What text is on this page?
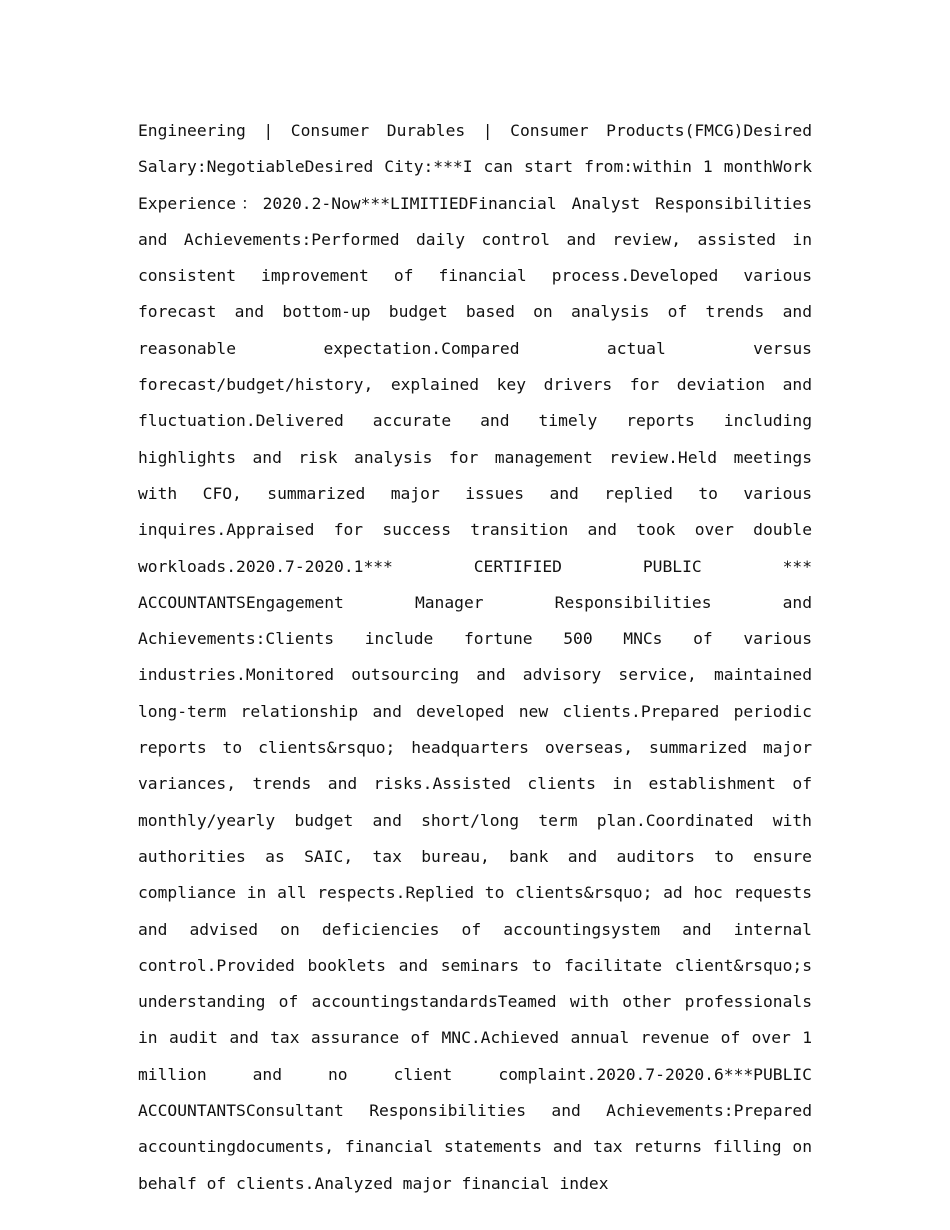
Engineering | Consumer Durables | Consumer Products(FMCG)Desired Salary:NegotiableDesired City:***I can start from:within 1 monthWork Experience：2020.2-Now***LIMITIEDFinancial Analyst Responsibilities and Achievements:Performed daily control and review, assisted in consistent improvement of financial process.Developed various forecast and bottom-up budget based on analysis of trends and reasonable expectation.Compared actual versus forecast/budget/history, explained key drivers for deviation and fluctuation.Delivered accurate and timely reports including highlights and risk analysis for management review.Held meetings with CFO, summarized major issues and replied to various inquires.Appraised for success transition and took over double workloads.2020.7-2020.1*** CERTIFIED PUBLIC *** ACCOUNTANTSEngagement Manager Responsibilities and Achievements:Clients include fortune 500 MNCs of various industries.Monitored outsourcing and advisory service, maintained long-term relationship and developed new clients.Prepared periodic reports to clients&rsquo; headquarters overseas, summarized major variances, trends and risks.Assisted clients in establishment of monthly/yearly budget and short/long term plan.Coordinated with authorities as SAIC, tax bureau, bank and auditors to ensure compliance in all respects.Replied to clients&rsquo; ad hoc requests and advised on deficiencies of accountingsystem and internal control.Provided booklets and seminars to facilitate client&rsquo;s understanding of accountingstandardsTeamed with other professionals in audit and tax assurance of MNC.Achieved annual revenue of over 1 million and no client complaint.2020.7-2020.6***PUBLIC ACCOUNTANTSConsultant Responsibilities and Achievements:Prepared accountingdocuments, financial statements and tax returns filling on behalf of clients.Analyzed major financial index
